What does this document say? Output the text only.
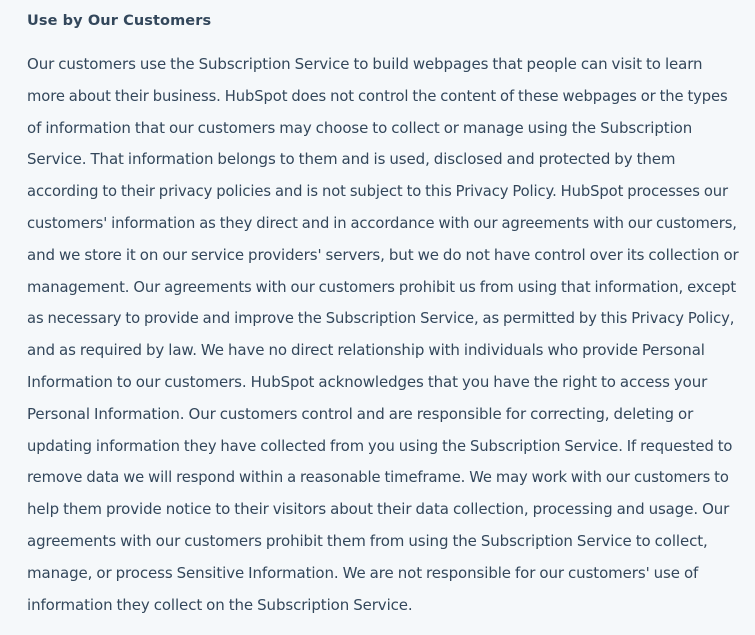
Use by Our Customers

Our customers use the Subscription Service to build webpages that people can visit to learn
more about their business. HubSpot does not control the content of these webpages or the types
of information that our customers may choose to collect or manage using the Subscription
Service. That information belongs to them and is used, disclosed and protected by them
according to their privacy policies and is not subject to this Privacy Policy. HubSpot processes our
customers' information as they direct and in accordance with our agreements with our customers,
and we store it on our service providers' servers, but we do not have control over its collection or
management. Our agreements with our customers prohibit us from using that information, except
as necessary to provide and improve the Subscription Service, as permitted by this Privacy Policy,
and as required by law. We have no direct relationship with individuals who provide Personal
Information to our customers. HubSpot acknowledges that you have the right to access your
Personal Information. Our customers control and are responsible for correcting, deleting or
updating information they have collected from you using the Subscription Service. If requested to
remove data we will respond within a reasonable timeframe. We may work with our customers to
help them provide notice to their visitors about their data collection, processing and usage. Our
agreements with our customers prohibit them from using the Subscription Service to collect,
manage, or process Sensitive Information. We are not responsible for our customers' use of
information they collect on the Subscription Service.
